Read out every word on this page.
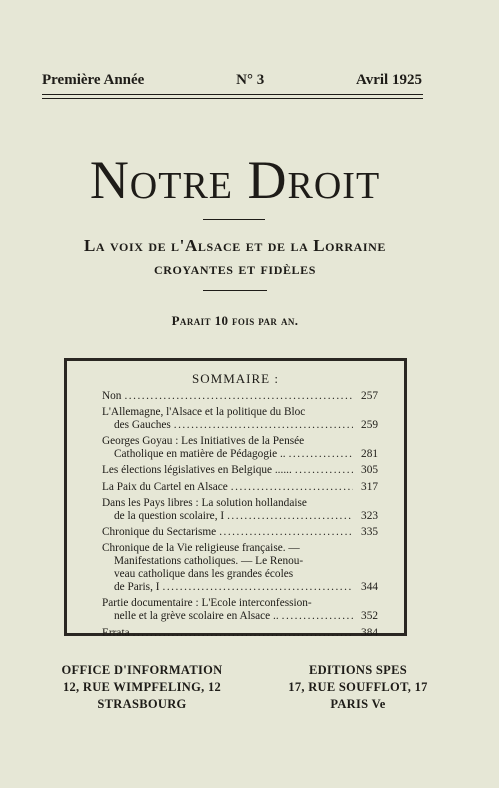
Première Année	N° 3	Avril 1925
Notre Droit
La voix de l'Alsace et de la Lorraine
croyantes et fidèles
Parait 10 fois par an.
SOMMAIRE :
Non .....	257
L'Allemagne, l'Alsace et la politique du Bloc
des Gauches .....	259
Georges Goyau : Les Initiatives de la Pensée
Catholique en matière de Pédagogie .. .....	281
Les élections législatives en Belgique ...... .....	305
La Paix du Cartel en Alsace .....	317
Dans les Pays libres : La solution hollandaise
de la question scolaire, I .....	323
Chronique du Sectarisme .....	335
Chronique de la Vie religieuse française. —
Manifestations catholiques. — Le Renou-
veau catholique dans les grandes écoles
de Paris, I .....	344
Partie documentaire : L'Ecole interconfession-
nelle et la grève scolaire en Alsace .. .....	352
Errata .....	384
OFFICE D'INFORMATION
12, RUE WIMPFELING, 12
STRASBOURG
EDITIONS SPES
17, RUE SOUFFLOT, 17
PARIS Ve
